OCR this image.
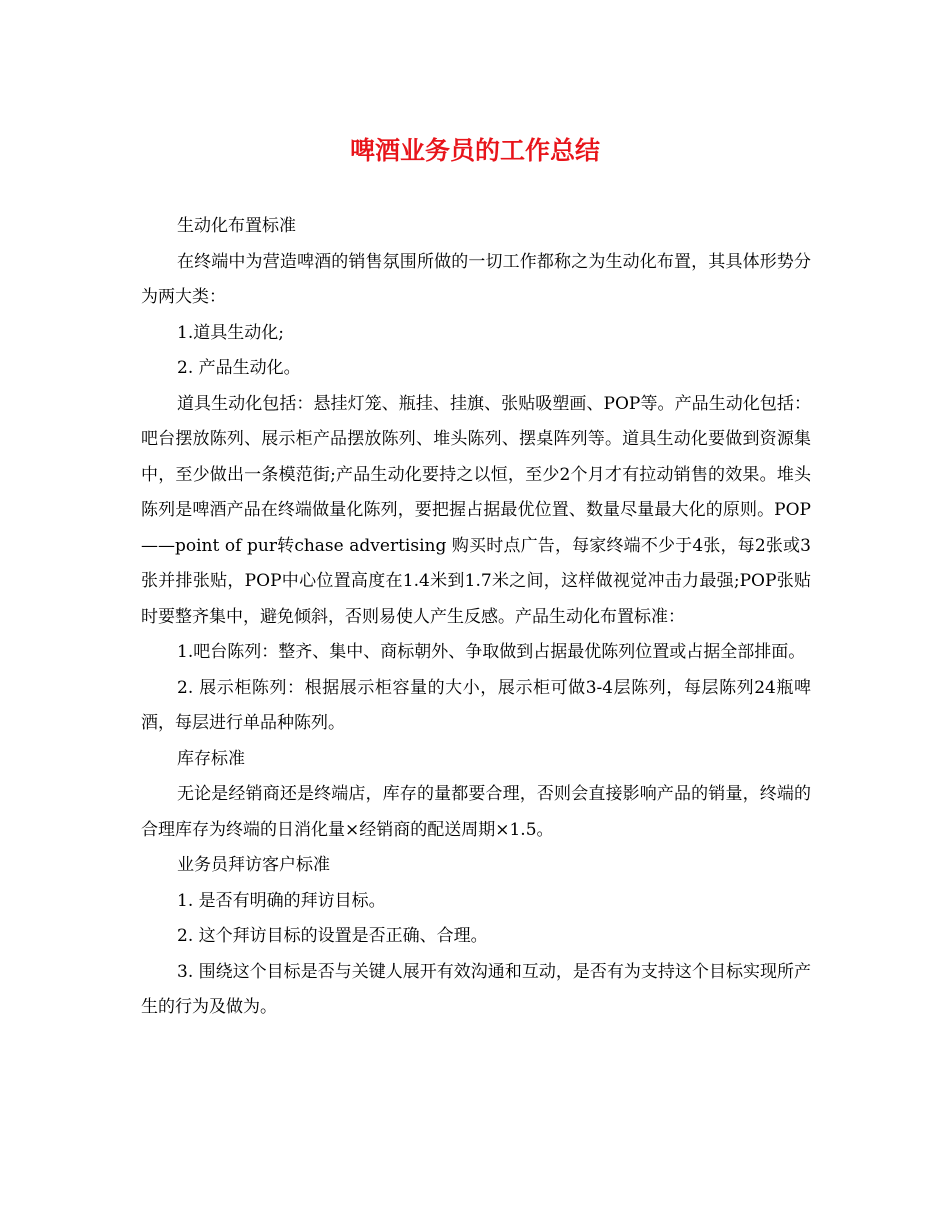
啤酒业务员的工作总结

生动化布置标准

在终端中为营造啤酒的销售氛围所做的一切工作都称之为生动化布置，其具体形势分为两大类：

1.道具生动化;

2. 产品生动化。

道具生动化包括：悬挂灯笼、瓶挂、挂旗、张贴吸塑画、POP等。产品生动化包括：吧台摆放陈列、展示柜产品摆放陈列、堆头陈列、摆桌阵列等。道具生动化要做到资源集中，至少做出一条模范街;产品生动化要持之以恒，至少2个月才有拉动销售的效果。堆头陈列是啤酒产品在终端做量化陈列，要把握占据最优位置、数量尽量最大化的原则。POP——point of pur转chase advertising 购买时点广告，每家终端不少于4张，每2张或3张并排张贴，POP中心位置高度在1.4米到1.7米之间，这样做视觉冲击力最强;POP张贴时要整齐集中，避免倾斜，否则易使人产生反感。产品生动化布置标准：

1.吧台陈列：整齐、集中、商标朝外、争取做到占据最优陈列位置或占据全部排面。

2. 展示柜陈列：根据展示柜容量的大小，展示柜可做3-4层陈列，每层陈列24瓶啤酒，每层进行单品种陈列。

库存标准

无论是经销商还是终端店，库存的量都要合理，否则会直接影响产品的销量，终端的合理库存为终端的日消化量×经销商的配送周期×1.5。

业务员拜访客户标准

1. 是否有明确的拜访目标。

2. 这个拜访目标的设置是否正确、合理。

3. 围绕这个目标是否与关键人展开有效沟通和互动，是否有为支持这个目标实现所产生的行为及做为。
